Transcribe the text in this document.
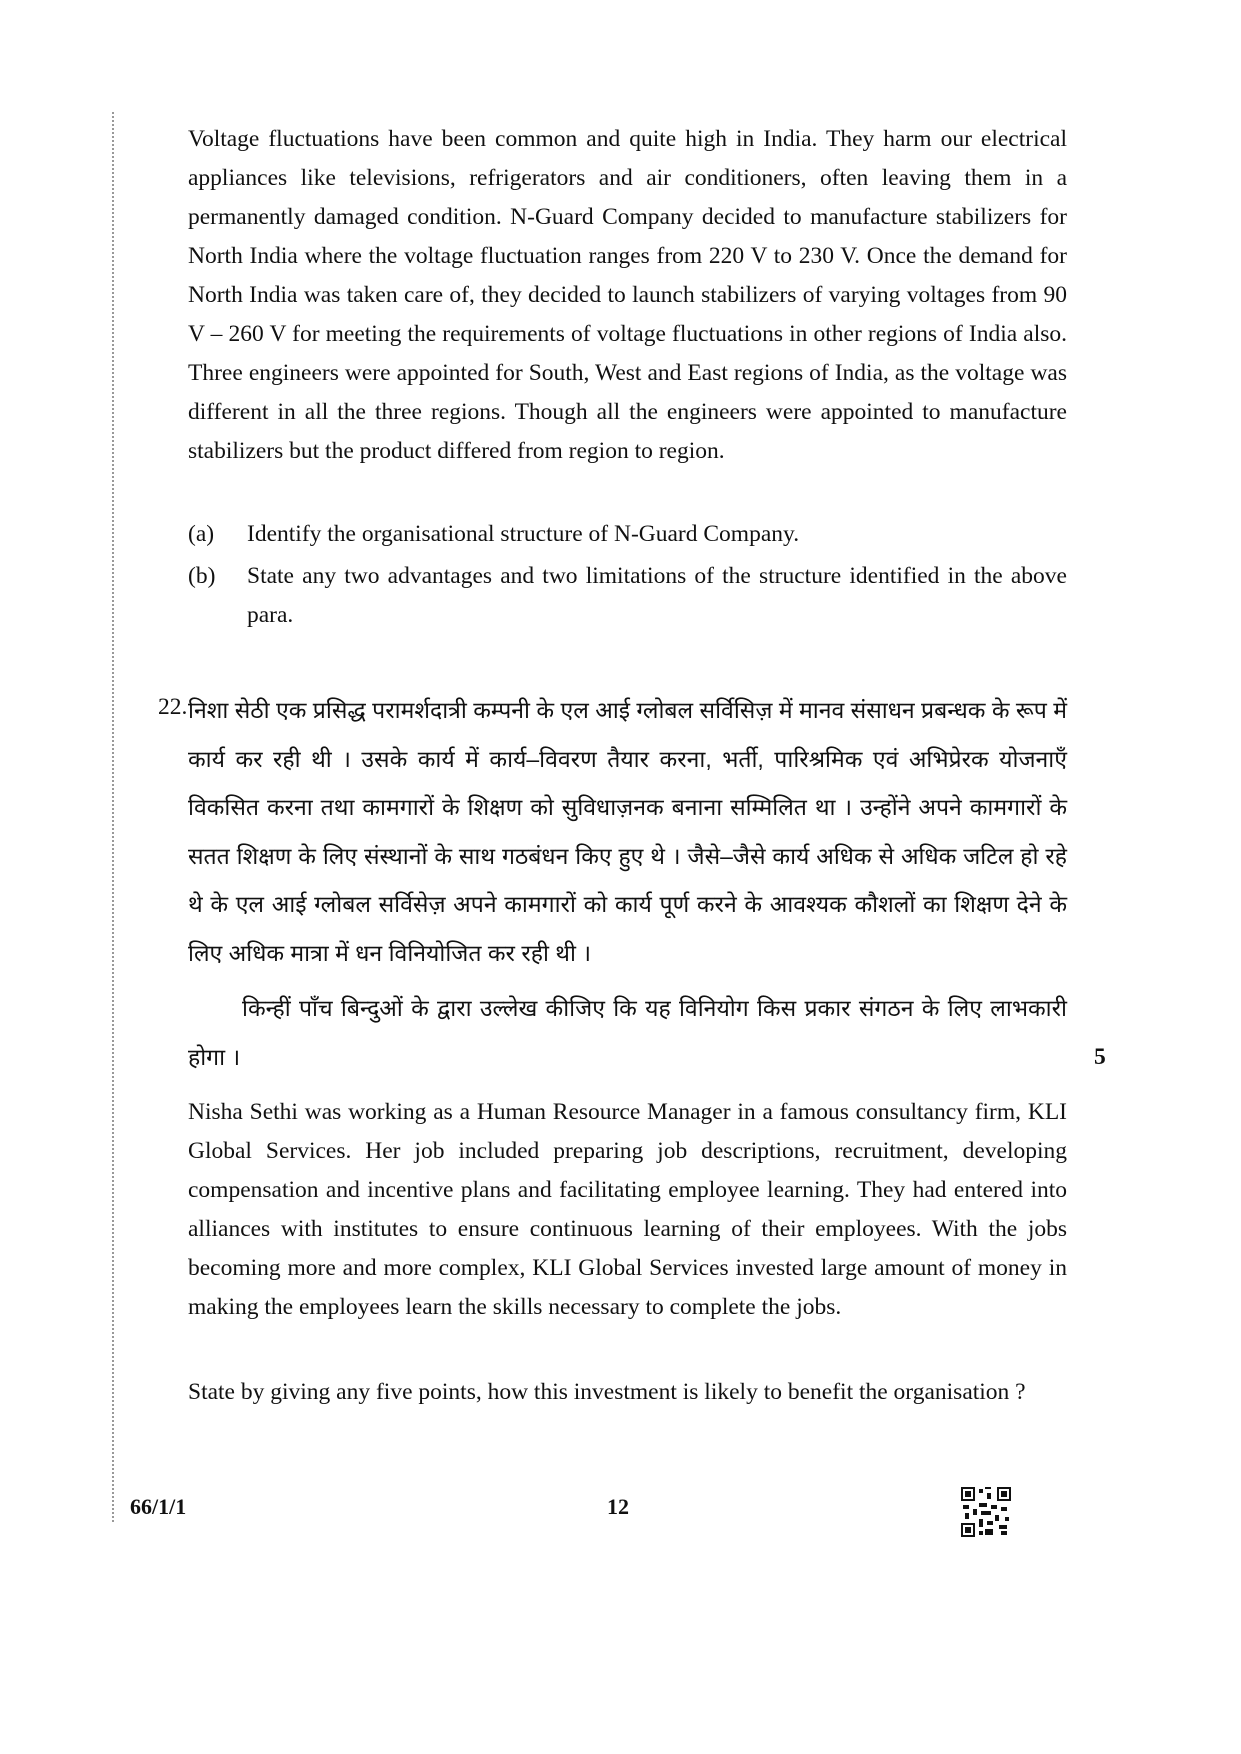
Voltage fluctuations have been common and quite high in India. They harm our electrical appliances like televisions, refrigerators and air conditioners, often leaving them in a permanently damaged condition. N-Guard Company decided to manufacture stabilizers for North India where the voltage fluctuation ranges from 220 V to 230 V. Once the demand for North India was taken care of, they decided to launch stabilizers of varying voltages from 90 V – 260 V for meeting the requirements of voltage fluctuations in other regions of India also. Three engineers were appointed for South, West and East regions of India, as the voltage was different in all the three regions. Though all the engineers were appointed to manufacture stabilizers but the product differed from region to region.
(a) Identify the organisational structure of N-Guard Company.
(b) State any two advantages and two limitations of the structure identified in the above para.
22. निशा सेठी एक प्रसिद्ध परामर्शदात्री कम्पनी के एल आई ग्लोबल सर्विसिज़ में मानव संसाधन प्रबन्धक के रूप में कार्य कर रही थी । उसके कार्य में कार्य–विवरण तैयार करना, भर्ती, पारिश्रमिक एवं अभिप्रेरक योजनाएँ विकसित करना तथा कामगारों के शिक्षण को सुविधाज़नक बनाना सम्मिलित था । उन्होंने अपने कामगारों के सतत शिक्षण के लिए संस्थानों के साथ गठबंधन किए हुए थे । जैसे–जैसे कार्य अधिक से अधिक जटिल हो रहे थे के एल आई ग्लोबल सर्विसेज़ अपने कामगारों को कार्य पूर्ण करने के आवश्यक कौशलों का शिक्षण देने के लिए अधिक मात्रा में धन विनियोजित कर रही थी ।
किन्हीं पाँच बिन्दुओं के द्वारा उल्लेख कीजिए कि यह विनियोग किस प्रकार संगठन के लिए लाभकारी होगा ।	5
Nisha Sethi was working as a Human Resource Manager in a famous consultancy firm, KLI Global Services. Her job included preparing job descriptions, recruitment, developing compensation and incentive plans and facilitating employee learning. They had entered into alliances with institutes to ensure continuous learning of their employees. With the jobs becoming more and more complex, KLI Global Services invested large amount of money in making the employees learn the skills necessary to complete the jobs.
State by giving any five points, how this investment is likely to benefit the organisation ?
66/1/1	12
